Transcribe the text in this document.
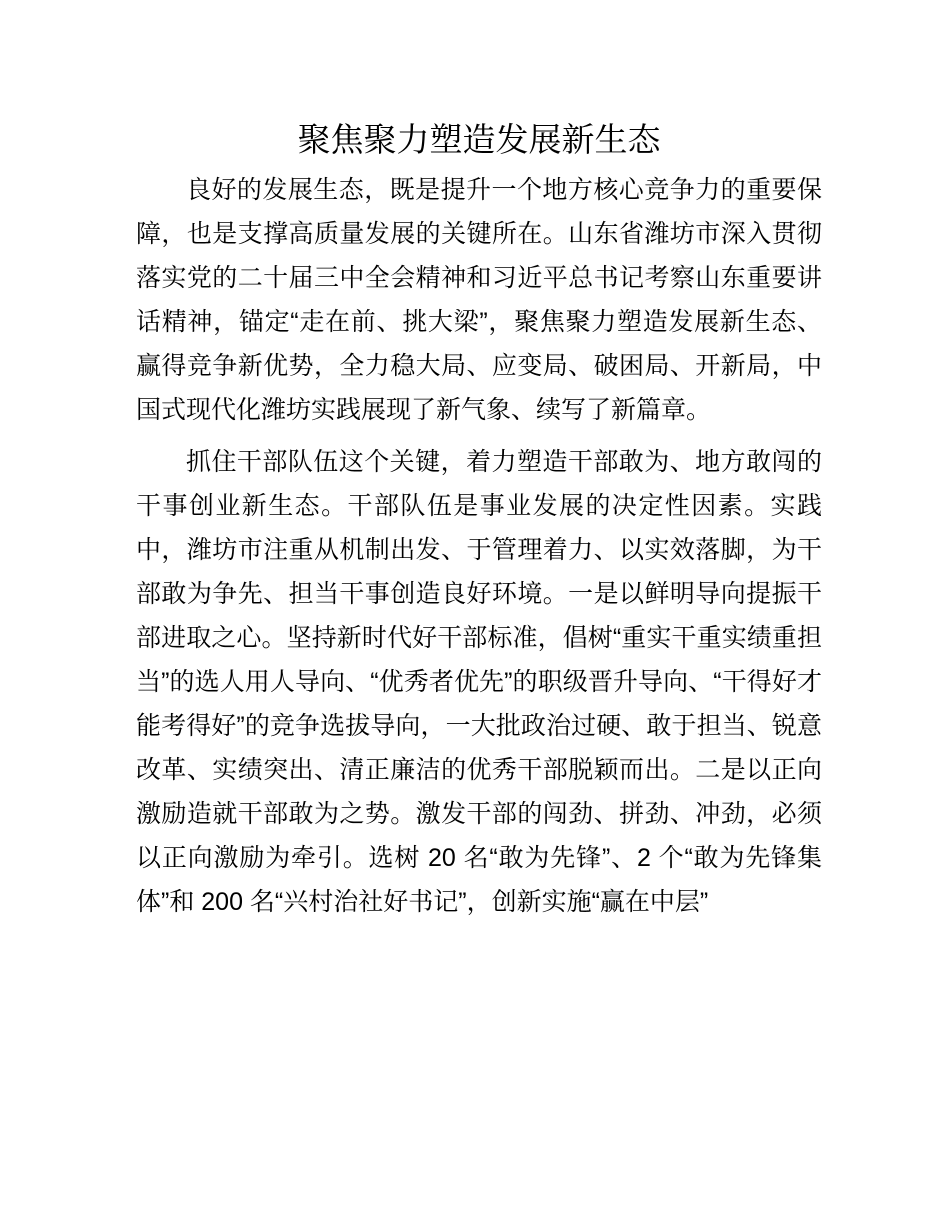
聚焦聚力塑造发展新生态

良好的发展生态，既是提升一个地方核心竞争力的重要保障，也是支撑高质量发展的关键所在。山东省潍坊市深入贯彻落实党的二十届三中全会精神和习近平总书记考察山东重要讲话精神，锚定“走在前、挑大梁”，聚焦聚力塑造发展新生态、赢得竞争新优势，全力稳大局、应变局、破困局、开新局，中国式现代化潍坊实践展现了新气象、续写了新篇章。

抓住干部队伍这个关键，着力塑造干部敢为、地方敢闯的干事创业新生态。干部队伍是事业发展的决定性因素。实践中，潍坊市注重从机制出发、于管理着力、以实效落脚，为干部敢为争先、担当干事创造良好环境。一是以鲜明导向提振干部进取之心。坚持新时代好干部标准，倡树“重实干重实绩重担当”的选人用人导向、“优秀者优先”的职级晋升导向、“干得好才能考得好”的竞争选拔导向，一大批政治过硬、敢于担当、锐意改革、实绩突出、清正廉洁的优秀干部脱颖而出。二是以正向激励造就干部敢为之势。激发干部的闯劲、拼劲、冲劲，必须以正向激励为牵引。选树 20 名“敢为先锋”、2 个“敢为先锋集体”和 200 名“兴村治社好书记”，创新实施“赢在中层”
